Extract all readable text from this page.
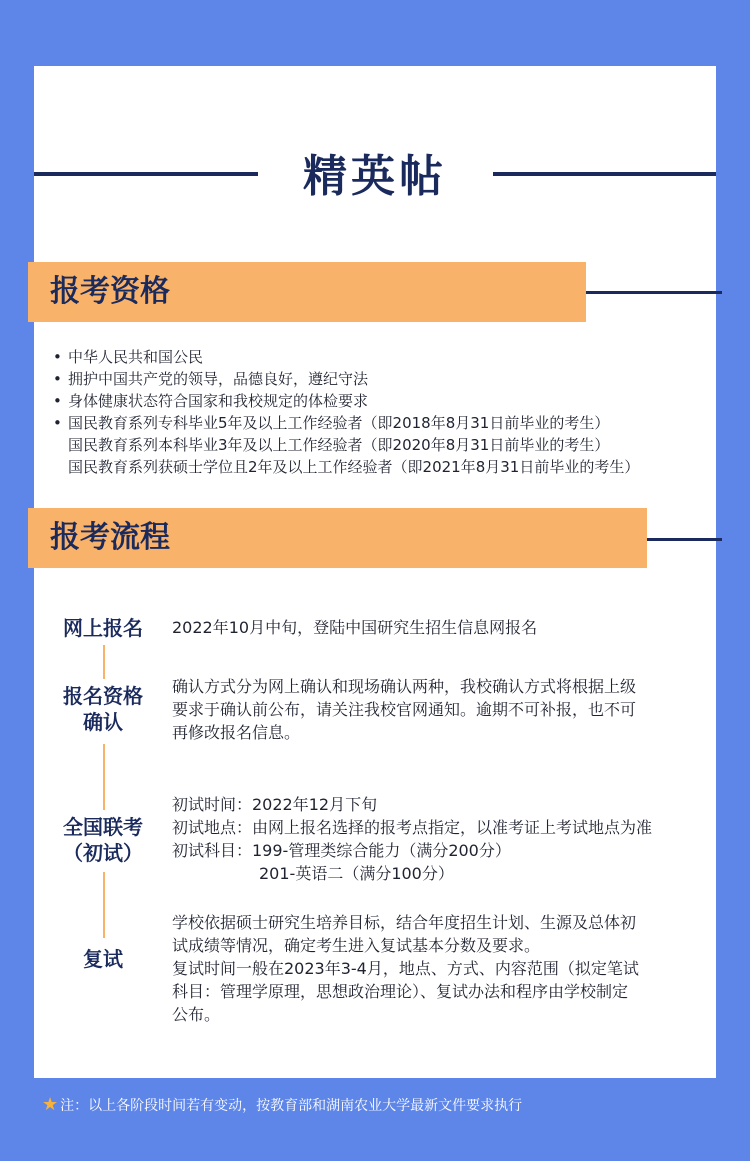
精英帖
报考资格
• 中华人民共和国公民
• 拥护中国共产党的领导，品德良好，遵纪守法
• 身体健康状态符合国家和我校规定的体检要求
• 国民教育系列专科毕业5年及以上工作经验者（即2018年8月31日前毕业的考生）
国民教育系列本科毕业3年及以上工作经验者（即2020年8月31日前毕业的考生）
国民教育系列获硕士学位且2年及以上工作经验者（即2021年8月31日前毕业的考生）
报考流程
网上报名	2022年10月中旬，登陆中国研究生招生信息网报名
报名资格
确认
确认方式分为网上确认和现场确认两种，我校确认方式将根据上级
要求于确认前公布，请关注我校官网通知。逾期不可补报，也不可
再修改报名信息。
全国联考
（初试）
初试时间：2022年12月下旬
初试地点：由网上报名选择的报考点指定，以准考证上考试地点为准
初试科目：199-管理类综合能力（满分200分）
201-英语二（满分100分）
复试
学校依据硕士研究生培养目标，结合年度招生计划、生源及总体初
试成绩等情况，确定考生进入复试基本分数及要求。
复试时间一般在2023年3-4月，地点、方式、内容范围（拟定笔试
科目：管理学原理，思想政治理论）、复试办法和程序由学校制定
公布。
★ 注：以上各阶段时间若有变动，按教育部和湖南农业大学最新文件要求执行
